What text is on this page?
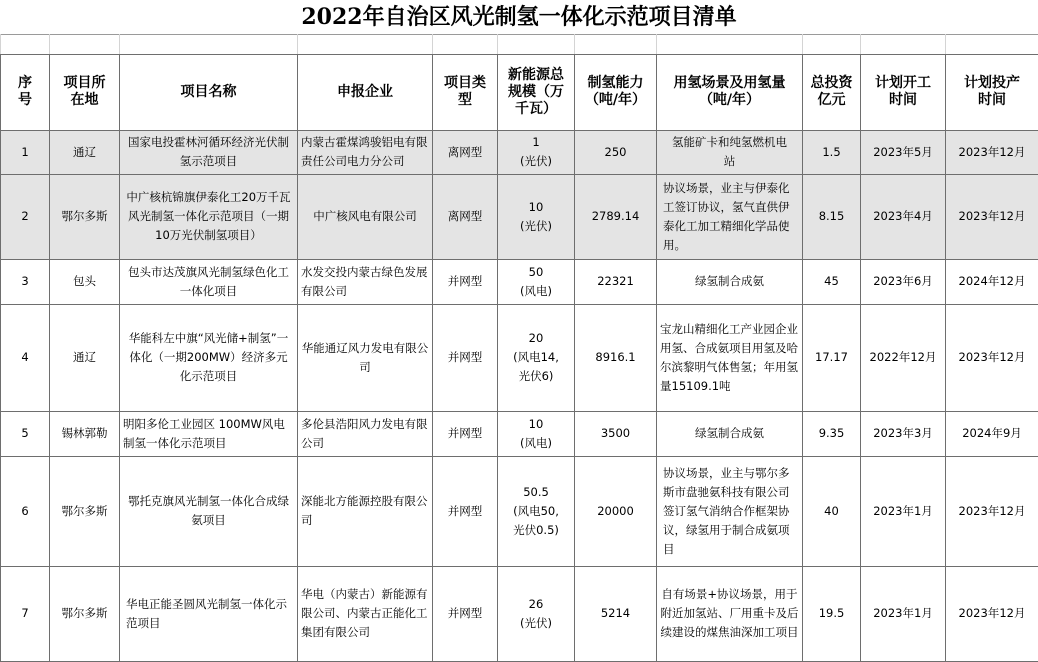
2022年自治区风光制氢一体化示范项目清单

序号	项目所在地	项目名称	申报企业	项目类型	新能源总规模（万千瓦）	制氢能力（吨/年）	用氢场景及用氢量（吨/年）	总投资亿元	计划开工时间	计划投产时间
1	通辽	国家电投霍林河循环经济光伏制氢示范项目	内蒙古霍煤鸿骏铝电有限责任公司电力分公司	离网型	1
(光伏)	250	氢能矿卡和纯氢燃机电站	1.5	2023年5月	2023年12月
2	鄂尔多斯	中广核杭锦旗伊泰化工20万千瓦风光制氢一体化示范项目（一期10万光伏制氢项目）	中广核风电有限公司	离网型	10
(光伏)	2789.14	协议场景，业主与伊泰化工签订协议，氢气直供伊泰化工加工精细化学品使用。	8.15	2023年4月	2023年12月
3	包头	包头市达茂旗风光制氢绿色化工一体化项目	水发交投内蒙古绿色发展有限公司	并网型	50
(风电)	22321	绿氢制合成氨	45	2023年6月	2024年12月
4	通辽	华能科左中旗“风光储+制氢”一体化（一期200MW）经济多元化示范项目	华能通辽风力发电有限公司	并网型	20
(风电14,
光伏6)	8916.1	宝龙山精细化工产业园企业用氢、合成氨项目用氢及哈尔滨黎明气体售氢；年用氢量15109.1吨	17.17	2022年12月	2023年12月
5	锡林郭勒	明阳多伦工业园区 100MW风电制氢一体化示范项目	多伦县浩阳风力发电有限公司	并网型	10
(风电)	3500	绿氢制合成氨	9.35	2023年3月	2024年9月
6	鄂尔多斯	鄂托克旗风光制氢一体化合成绿氨项目	深能北方能源控股有限公司	并网型	50.5
(风电50,
光伏0.5)	20000	协议场景，业主与鄂尔多斯市盘驰氨科技有限公司签订氢气消纳合作框架协议，绿氢用于制合成氨项目	40	2023年1月	2023年12月
7	鄂尔多斯	华电正能圣圆风光制氢一体化示范项目	华电（内蒙古）新能源有限公司、内蒙古正能化工集团有限公司	并网型	26
(光伏)	5214	自有场景+协议场景，用于附近加氢站、厂用重卡及后续建设的煤焦油深加工项目	19.5	2023年1月	2023年12月
